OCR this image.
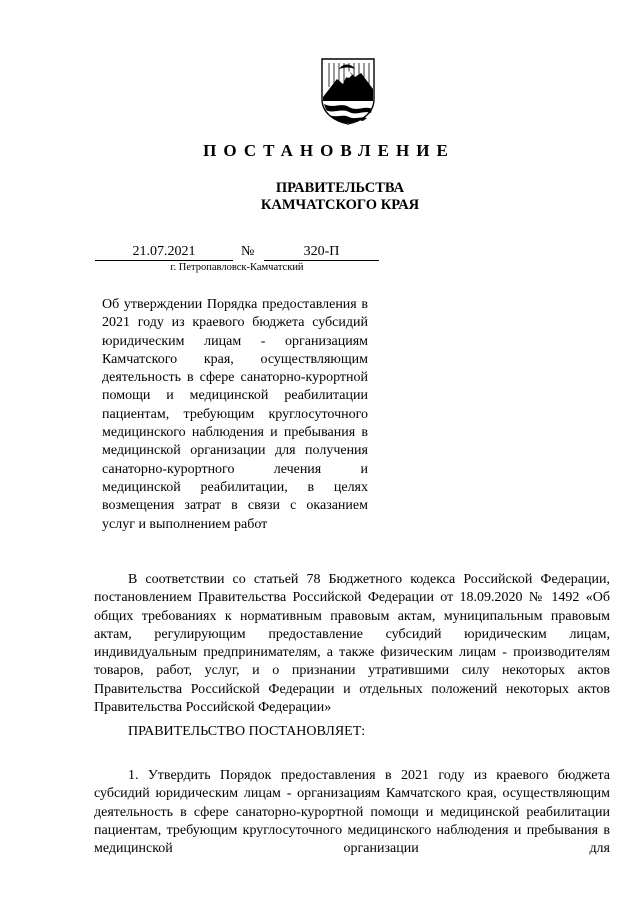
ПОСТАНОВЛЕНИЕ
ПРАВИТЕЛЬСТВА
КАМЧАТСКОГО КРАЯ
21.07.2021	№	320-П
г. Петропавловск-Камчатский
Об утверждении Порядка предоставления в 2021 году из краевого бюджета субсидий юридическим лицам - организациям Камчатского края, осуществляющим деятельность в сфере санаторно-курортной помощи и медицинской реабилитации пациентам, требующим круглосуточного медицинского наблюдения и пребывания в медицинской организации для получения санаторно-курортного лечения и медицинской реабилитации, в целях возмещения затрат в связи с оказанием услуг и выполнением работ
В соответствии со статьей 78 Бюджетного кодекса Российской Федерации, постановлением Правительства Российской Федерации от 18.09.2020 № 1492 «Об общих требованиях к нормативным правовым актам, муниципальным правовым актам, регулирующим предоставление субсидий юридическим лицам, индивидуальным предпринимателям, а также физическим лицам - производителям товаров, работ, услуг, и о признании утратившими силу некоторых актов Правительства Российской Федерации и отдельных положений некоторых актов Правительства Российской Федерации»
ПРАВИТЕЛЬСТВО ПОСТАНОВЛЯЕТ:
1. Утвердить Порядок предоставления в 2021 году из краевого бюджета субсидий юридическим лицам - организациям Камчатского края, осуществляющим деятельность в сфере санаторно-курортной помощи и медицинской реабилитации пациентам, требующим круглосуточного медицинского наблюдения и пребывания в медицинской организации для
